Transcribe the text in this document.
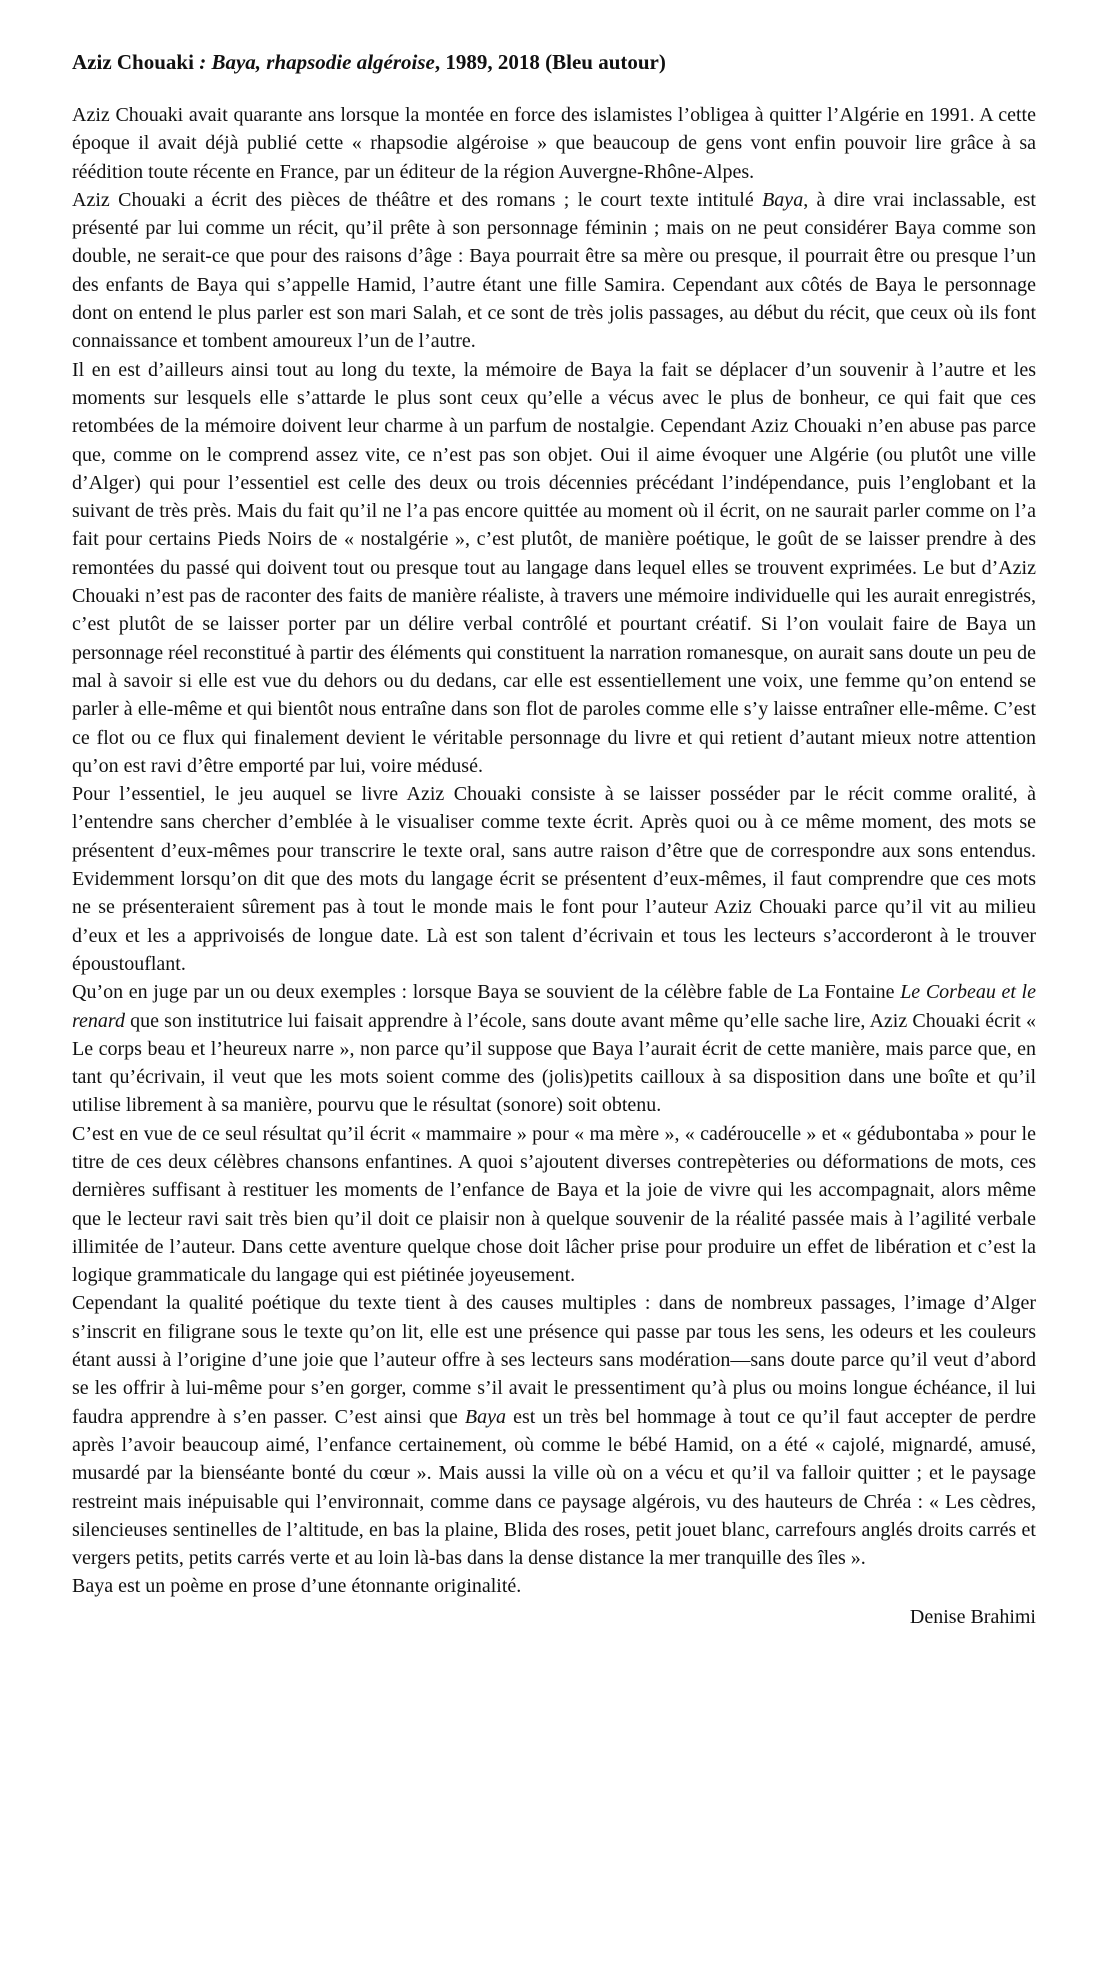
Aziz Chouaki : Baya, rhapsodie algéroise, 1989, 2018 (Bleu autour)

Aziz Chouaki avait quarante ans lorsque la montée en force des islamistes l’obligea à quitter l’Algérie en 1991. A cette époque il avait déjà publié cette « rhapsodie algéroise » que beaucoup de gens vont enfin pouvoir lire grâce à sa réédition toute récente en France, par un éditeur de la région Auvergne-Rhône-Alpes.

Aziz Chouaki a écrit des pièces de théâtre et des romans ; le court texte intitulé Baya, à dire vrai inclassable, est présenté par lui comme un récit, qu’il prête à son personnage féminin ; mais on ne peut considérer Baya comme son double, ne serait-ce que pour des raisons d’âge : Baya pourrait être sa mère ou presque, il pourrait être ou presque l’un des enfants de Baya qui s’appelle Hamid, l’autre étant une fille Samira. Cependant aux côtés de Baya le personnage dont on entend le plus parler est son mari Salah, et ce sont de très jolis passages, au début du récit, que ceux où ils font connaissance et tombent amoureux l’un de l’autre.

Il en est d’ailleurs ainsi tout au long du texte, la mémoire de Baya la fait se déplacer d’un souvenir à l’autre et les moments sur lesquels elle s’attarde le plus sont ceux qu’elle a vécus avec le plus de bonheur, ce qui fait que ces retombées de la mémoire doivent leur charme à un parfum de nostalgie. Cependant Aziz Chouaki n’en abuse pas parce que, comme on le comprend assez vite, ce n’est pas son objet. Oui il aime évoquer une Algérie (ou plutôt une ville d’Alger) qui pour l’essentiel est celle des deux ou trois décennies précédant l’indépendance, puis l’englobant et la suivant de très près. Mais du fait qu’il ne l’a pas encore quittée au moment où il écrit, on ne saurait parler comme on l’a fait pour certains Pieds Noirs de « nostalgérie », c’est plutôt, de manière poétique, le goût de se laisser prendre à des remontées du passé qui doivent tout ou presque tout au langage dans lequel elles se trouvent exprimées. Le but d’Aziz Chouaki n’est pas de raconter des faits de manière réaliste, à travers une mémoire individuelle qui les aurait enregistrés, c’est plutôt de se laisser porter par un délire verbal contrôlé et pourtant créatif. Si l’on voulait faire de Baya un personnage réel reconstitué à partir des éléments qui constituent la narration romanesque, on aurait sans doute un peu de mal à savoir si elle est vue du dehors ou du dedans, car elle est essentiellement une voix, une femme qu’on entend se parler à elle-même et qui bientôt nous entraîne dans son flot de paroles comme elle s’y laisse entraîner elle-même. C’est ce flot ou ce flux qui finalement devient le véritable personnage du livre et qui retient d’autant mieux notre attention qu’on est ravi d’être emporté par lui, voire médusé.

Pour l’essentiel, le jeu auquel se livre Aziz Chouaki consiste à se laisser posséder par le récit comme oralité, à l’entendre sans chercher d’emblée à le visualiser comme texte écrit. Après quoi ou à ce même moment, des mots se présentent d’eux-mêmes pour transcrire le texte oral, sans autre raison d’être que de correspondre aux sons entendus. Evidemment lorsqu’on dit que des mots du langage écrit se présentent d’eux-mêmes, il faut comprendre que ces mots ne se présenteraient sûrement pas à tout le monde mais le font pour l’auteur Aziz Chouaki parce qu’il vit au milieu d’eux et les a apprivoisés de longue date. Là est son talent d’écrivain et tous les lecteurs s’accorderont à le trouver époustouflant.

Qu’on en juge par un ou deux exemples : lorsque Baya se souvient de la célèbre fable de La Fontaine Le Corbeau et le renard que son institutrice lui faisait apprendre à l’école, sans doute avant même qu’elle sache lire, Aziz Chouaki écrit « Le corps beau et l’heureux narre », non parce qu’il suppose que Baya l’aurait écrit de cette manière, mais parce que, en tant qu’écrivain, il veut que les mots soient comme des (jolis)petits cailloux à sa disposition dans une boîte et qu’il utilise librement à sa manière, pourvu que le résultat (sonore) soit obtenu.

C’est en vue de ce seul résultat qu’il écrit « mammaire » pour « ma mère », « cadéroucelle » et « gédubontaba » pour le titre de ces deux célèbres chansons enfantines. A quoi s’ajoutent diverses contrepèteries ou déformations de mots, ces dernières suffisant à restituer les moments de l’enfance de Baya et la joie de vivre qui les accompagnait, alors même que le lecteur ravi sait très bien qu’il doit ce plaisir non à quelque souvenir de la réalité passée mais à l’agilité verbale illimitée de l’auteur. Dans cette aventure quelque chose doit lâcher prise pour produire un effet de libération et c’est la logique grammaticale du langage qui est piétinée joyeusement.

Cependant la qualité poétique du texte tient à des causes multiples : dans de nombreux passages, l’image d’Alger s’inscrit en filigrane sous le texte qu’on lit, elle est une présence qui passe par tous les sens, les odeurs et les couleurs étant aussi à l’origine d’une joie que l’auteur offre à ses lecteurs sans modération—sans doute parce qu’il veut d’abord se les offrir à lui-même pour s’en gorger, comme s’il avait le pressentiment qu’à plus ou moins longue échéance, il lui faudra apprendre à s’en passer. C’est ainsi que Baya est un très bel hommage à tout ce qu’il faut accepter de perdre après l’avoir beaucoup aimé, l’enfance certainement, où comme le bébé Hamid, on a été « cajolé, mignardé, amusé, musardé par la bienséante bonté du cœur ». Mais aussi la ville où on a vécu et qu’il va falloir quitter ; et le paysage restreint mais inépuisable qui l’environnait, comme dans ce paysage algérois, vu des hauteurs de Chréa : « Les cèdres, silencieuses sentinelles de l’altitude, en bas la plaine, Blida des roses, petit jouet blanc, carrefours anglés droits carrés et vergers petits, petits carrés verte et au loin là-bas dans la dense distance la mer tranquille des îles ».

Baya est un poème en prose d’une étonnante originalité.

Denise Brahimi
